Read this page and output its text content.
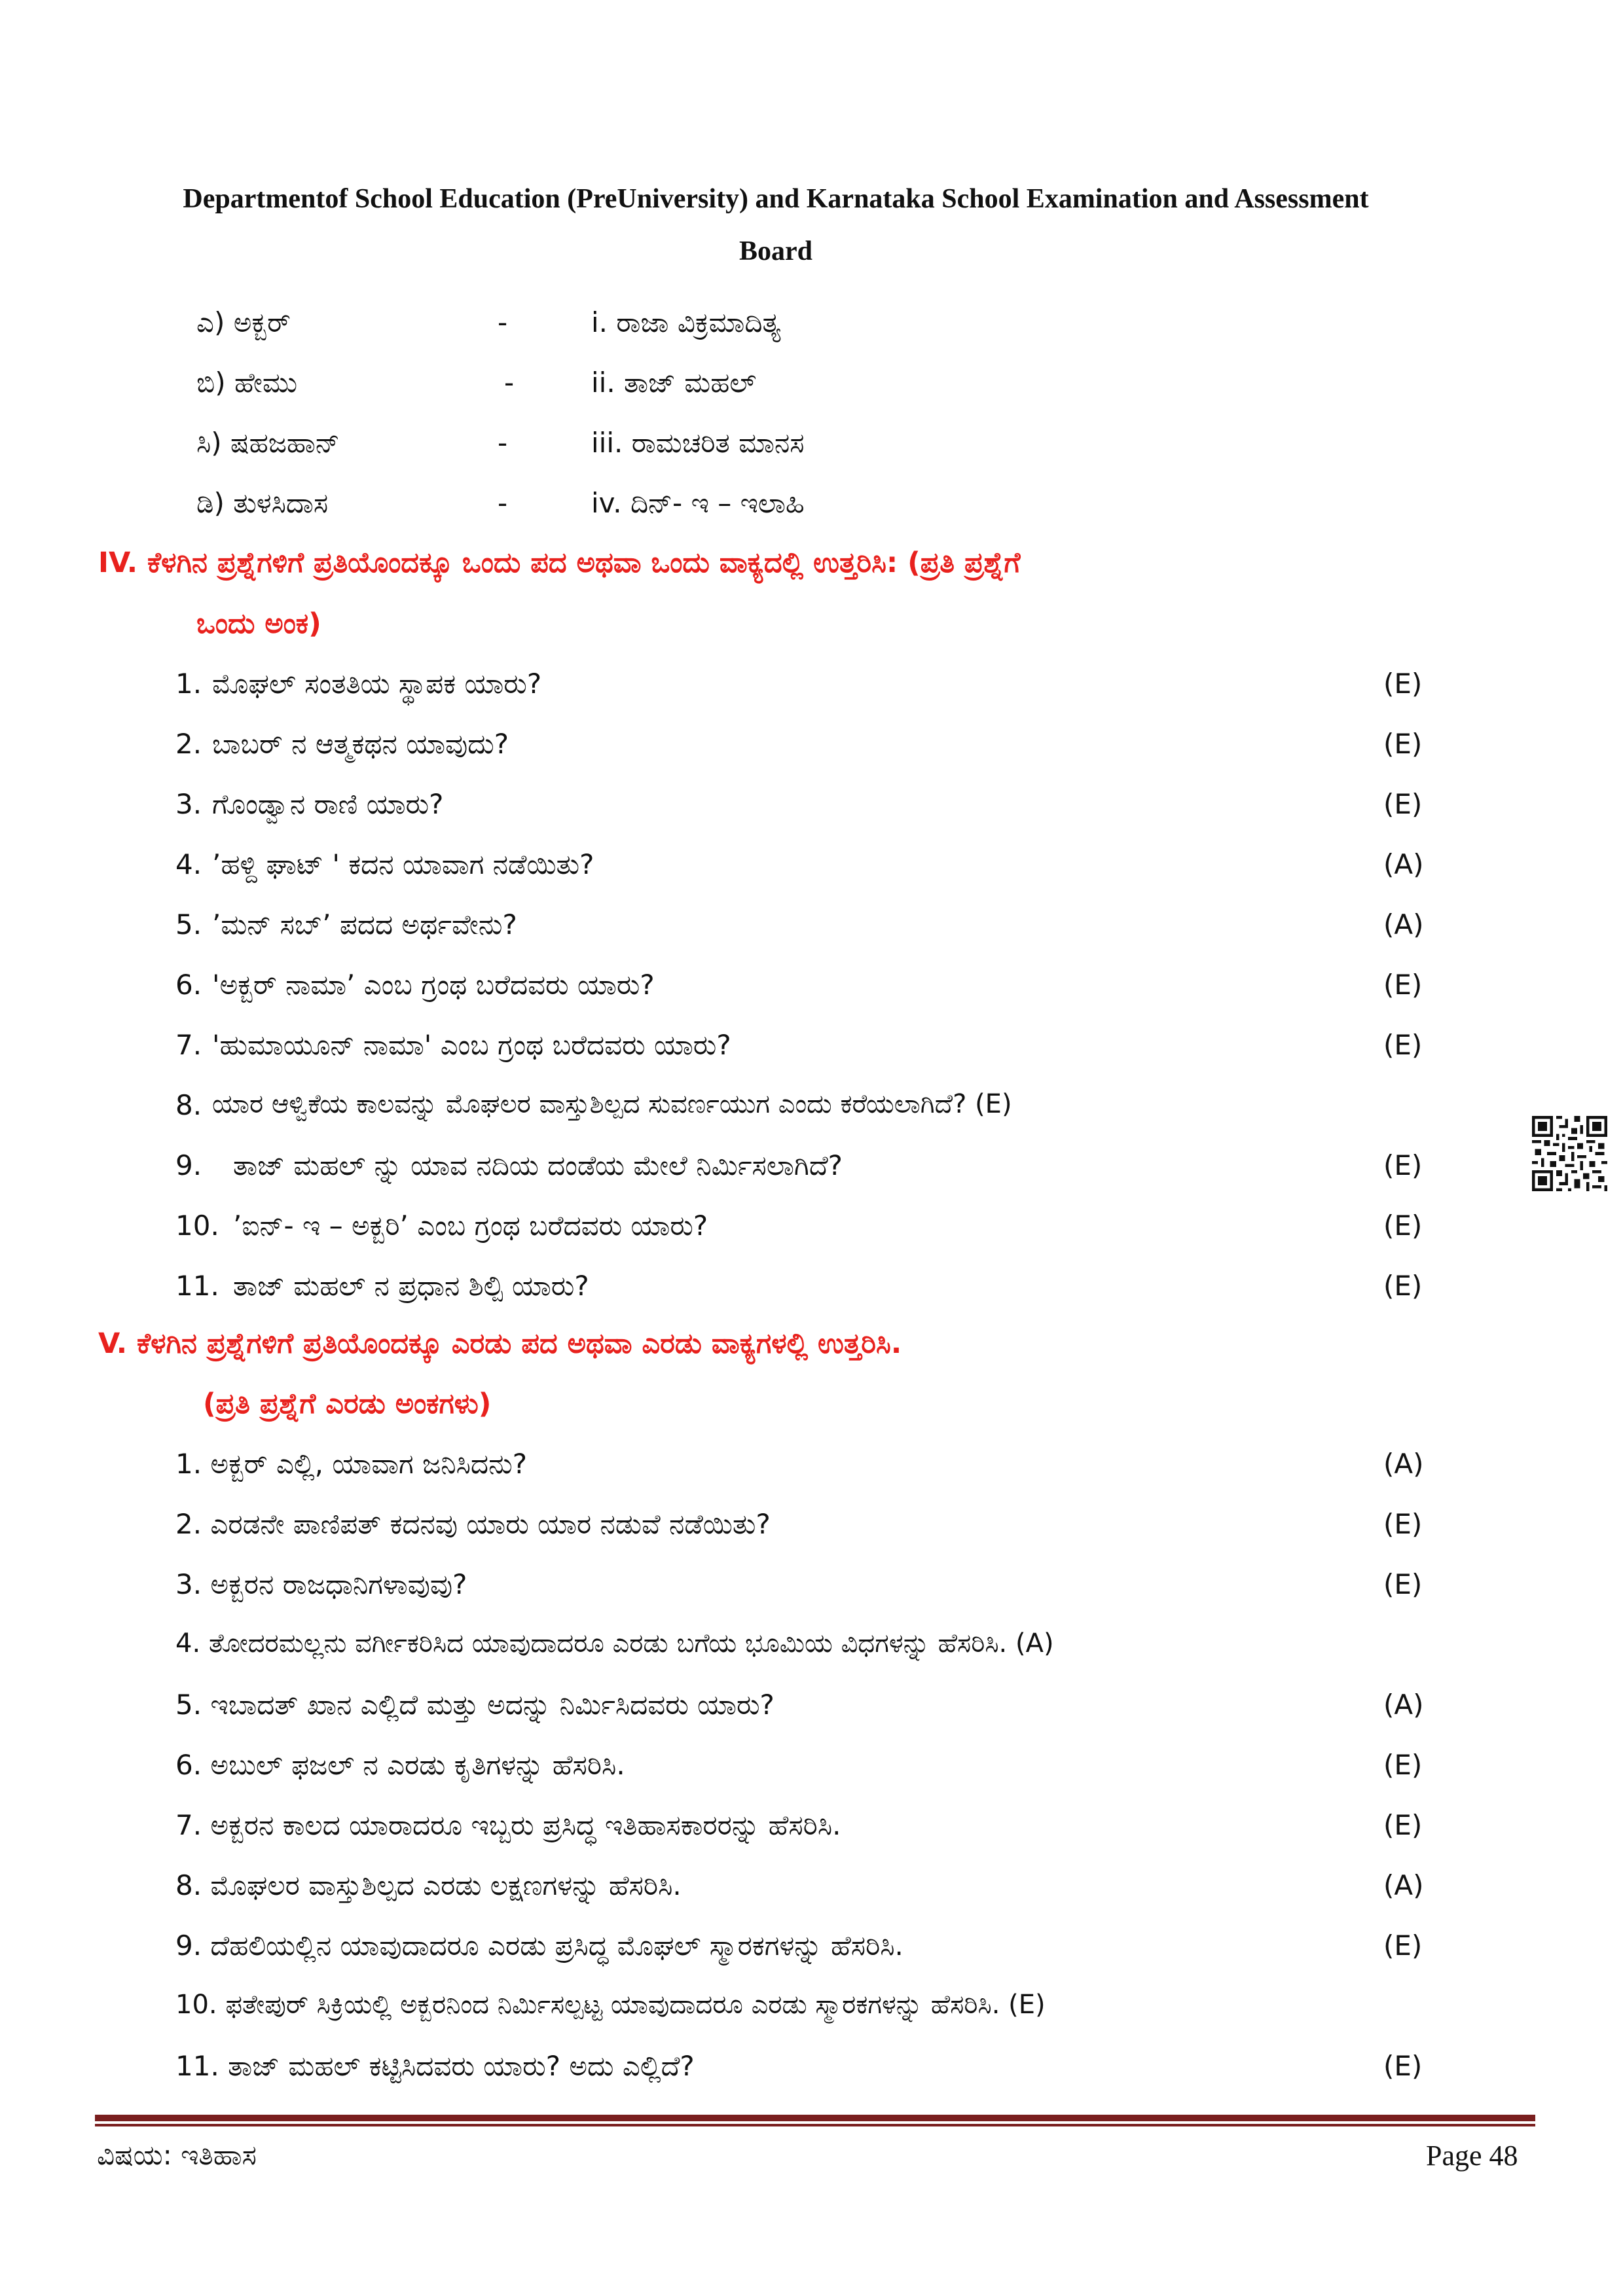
Departmentof School Education (PreUniversity) and Karnataka School Examination and Assessment
Board
ಎ) ಅಕ್ಬರ್	-	i. ರಾಜಾ ವಿಕ್ರಮಾದಿತ್ಯ
ಬಿ) ಹೇಮು	-	ii. ತಾಜ್ ಮಹಲ್
ಸಿ) ಷಹಜಹಾನ್	-	iii. ರಾಮಚರಿತ ಮಾನಸ
ಡಿ) ತುಳಸಿದಾಸ	-	iv. ದಿನ್- ಇ – ಇಲಾಹಿ
IV. ಕೆಳಗಿನ ಪ್ರಶ್ನೆಗಳಿಗೆ ಪ್ರತಿಯೊಂದಕ್ಕೂ ಒಂದು ಪದ ಅಥವಾ ಒಂದು ವಾಕ್ಯದಲ್ಲಿ ಉತ್ತರಿಸಿ: (ಪ್ರತಿ ಪ್ರಶ್ನೆಗೆ
ಒಂದು ಅಂಕ)
1. ಮೊಘಲ್ ಸಂತತಿಯ ಸ್ಥಾಪಕ ಯಾರು?	(E)
2. ಬಾಬರ್ ನ ಆತ್ಮಕಥನ ಯಾವುದು?	(E)
3. ಗೊಂಡ್ವಾನ ರಾಣಿ ಯಾರು?	(E)
4. ’ಹಳ್ದಿ ಘಾಟ್ ' ಕದನ ಯಾವಾಗ ನಡೆಯಿತು?	(A)
5. ’ಮನ್ ಸಬ್’ ಪದದ ಅರ್ಥವೇನು?	(A)
6. 'ಅಕ್ಬರ್ ನಾಮಾ’ ಎಂಬ ಗ್ರಂಥ ಬರೆದವರು ಯಾರು?	(E)
7. 'ಹುಮಾಯೂನ್ ನಾಮಾ' ಎಂಬ ಗ್ರಂಥ ಬರೆದವರು ಯಾರು?	(E)
8. ಯಾರ ಆಳ್ವಿಕೆಯ ಕಾಲವನ್ನು ಮೊಘಲರ ವಾಸ್ತುಶಿಲ್ಪದ ಸುವರ್ಣಯುಗ ಎಂದು ಕರೆಯಲಾಗಿದೆ? (E)
9. ತಾಜ್ ಮಹಲ್ ನ್ನು ಯಾವ ನದಿಯ ದಂಡೆಯ ಮೇಲೆ ನಿರ್ಮಿಸಲಾಗಿದೆ?	(E)
10. ’ಐನ್- ಇ – ಅಕ್ಬರಿ’ ಎಂಬ ಗ್ರಂಥ ಬರೆದವರು ಯಾರು?	(E)
11. ತಾಜ್ ಮಹಲ್ ನ ಪ್ರಧಾನ ಶಿಲ್ಪಿ ಯಾರು?	(E)
V. ಕೆಳಗಿನ ಪ್ರಶ್ನೆಗಳಿಗೆ ಪ್ರತಿಯೊಂದಕ್ಕೂ ಎರಡು ಪದ ಅಥವಾ ಎರಡು ವಾಕ್ಯಗಳಲ್ಲಿ ಉತ್ತರಿಸಿ.
(ಪ್ರತಿ ಪ್ರಶ್ನೆಗೆ ಎರಡು ಅಂಕಗಳು)
1. ಅಕ್ಬರ್ ಎಲ್ಲಿ, ಯಾವಾಗ ಜನಿಸಿದನು?	(A)
2. ಎರಡನೇ ಪಾಣಿಪತ್ ಕದನವು ಯಾರು ಯಾರ ನಡುವೆ ನಡೆಯಿತು?	(E)
3. ಅಕ್ಬರನ ರಾಜಧಾನಿಗಳಾವುವು?	(E)
4. ತೋದರಮಲ್ಲನು ವರ್ಗೀಕರಿಸಿದ ಯಾವುದಾದರೂ ಎರಡು ಬಗೆಯ ಭೂಮಿಯ ವಿಧಗಳನ್ನು ಹೆಸರಿಸಿ. (A)
5. ಇಬಾದತ್ ಖಾನ ಎಲ್ಲಿದೆ ಮತ್ತು ಅದನ್ನು ನಿರ್ಮಿಸಿದವರು ಯಾರು?	(A)
6. ಅಬುಲ್ ಫಜಲ್ ನ ಎರಡು ಕೃತಿಗಳನ್ನು ಹೆಸರಿಸಿ.	(E)
7. ಅಕ್ಬರನ ಕಾಲದ ಯಾರಾದರೂ ಇಬ್ಬರು ಪ್ರಸಿದ್ಧ ಇತಿಹಾಸಕಾರರನ್ನು ಹೆಸರಿಸಿ.	(E)
8. ಮೊಘಲರ ವಾಸ್ತುಶಿಲ್ಪದ ಎರಡು ಲಕ್ಷಣಗಳನ್ನು ಹೆಸರಿಸಿ.	(A)
9. ದೆಹಲಿಯಲ್ಲಿನ ಯಾವುದಾದರೂ ಎರಡು ಪ್ರಸಿದ್ಧ ಮೊಘಲ್ ಸ್ಮಾರಕಗಳನ್ನು ಹೆಸರಿಸಿ.	(E)
10. ಫತೇಪುರ್ ಸಿಕ್ರಿಯಲ್ಲಿ ಅಕ್ಬರನಿಂದ ನಿರ್ಮಿಸಲ್ಪಟ್ಟ ಯಾವುದಾದರೂ ಎರಡು ಸ್ಮಾರಕಗಳನ್ನು ಹೆಸರಿಸಿ. (E)
11. ತಾಜ್ ಮಹಲ್ ಕಟ್ಟಿಸಿದವರು ಯಾರು? ಅದು ಎಲ್ಲಿದೆ?	(E)
ವಿಷಯ: ಇತಿಹಾಸ	Page 48
